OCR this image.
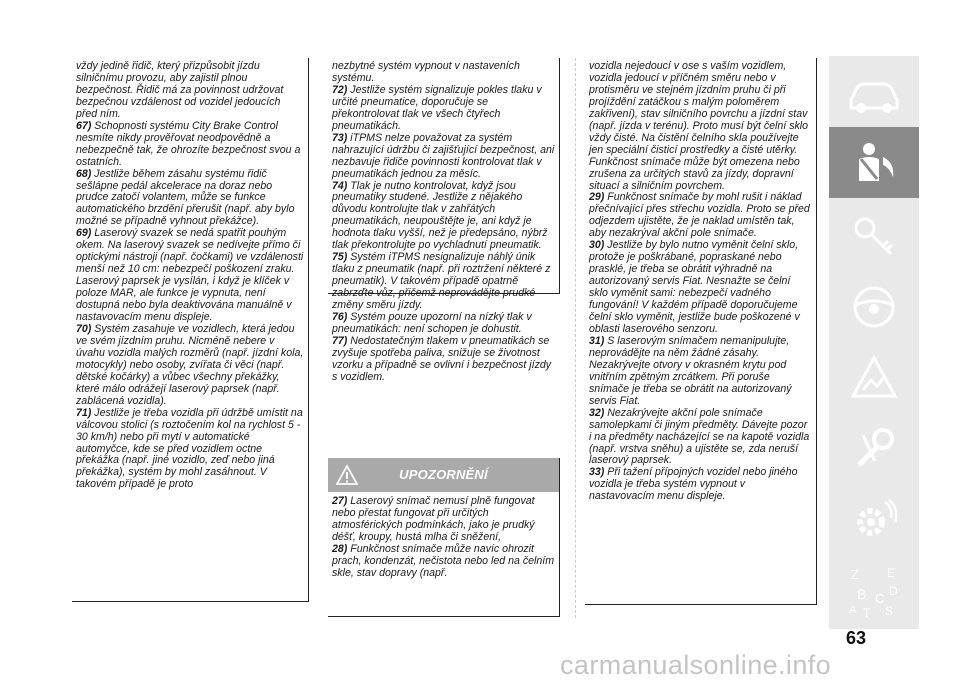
vždy jedině řidič, který přizpůsobit jízdu silničnímu provozu, aby zajistil plnou bezpečnost. Řidič má za povinnost udržovat bezpečnou vzdálenost od vozidel jedoucích před ním.

67) Schopnosti systému City Brake Control nesmíte nikdy prověřovat neodpovědně a nebezpečně tak, že ohrozíte bezpečnost svou a ostatních.

68) Jestliže během zásahu systému řidič sešlápne pedál akcelerace na doraz nebo prudce zatočí volantem, může se funkce automatického brzdění přerušit (např. aby bylo možné se případně vyhnout překážce).

69) Laserový svazek se nedá spatřit pouhým okem. Na laserový svazek se nedívejte přímo či optickými nástroji (např. čočkami) ve vzdálenosti menší než 10 cm: nebezpečí poškození zraku. Laserový paprsek je vysílán, i když je klíček v poloze MAR, ale funkce je vypnuta, není dostupná nebo byla deaktivována manuálně v nastavovacím menu displeje.

70) Systém zasahuje ve vozidlech, která jedou ve svém jízdním pruhu. Nicméně nebere v úvahu vozidla malých rozměrů (např. jízdní kola, motocykly) nebo osoby, zvířata či věci (např. dětské kočárky) a vůbec všechny překážky, které málo odrážejí laserový paprsek (např. zablácená vozidla).

71) Jestliže je třeba vozidla při údržbě umístit na válcovou stolici (s roztočením kol na rychlost 5 - 30 km/h) nebo při mytí v automatické automyčce, kde se před vozidlem octne překážka (např. jiné vozidlo, zeď nebo jiná překážka), systém by mohl zasáhnout. V takovém případě je proto

nezbytné systém vypnout v nastaveních systému.

72) Jestliže systém signalizuje pokles tlaku v určité pneumatice, doporučuje se překontrolovat tlak ve všech čtyřech pneumatikách.

73) iTPMS nelze považovat za systém nahrazující údržbu či zajišťující bezpečnost, ani nezbavuje řidiče povinnosti kontrolovat tlak v pneumatikách jednou za měsíc.

74) Tlak je nutno kontrolovat, když jsou pneumatiky studené. Jestliže z nějakého důvodu kontrolujte tlak v zahřátých pneumatikách, neupouštějte je, ani když je hodnota tlaku vyšší, než je předepsáno, nýbrž tlak překontrolujte po vychladnutí pneumatik.

75) Systém iTPMS nesignalizuje náhlý únik tlaku z pneumatik (např. při roztržení některé z pneumatik). V takovém případě opatrně zabrzďte vůz, přičemž neprovádějte prudké změny směru jízdy.

76) Systém pouze upozorní na nízký tlak v pneumatikách: není schopen je dohustit.

77) Nedostatečným tlakem v pneumatikách se zvyšuje spotřeba paliva, snižuje se životnost vzorku a případně se ovlivní i bezpečnost jízdy s vozidlem.

UPOZORNĚNÍ

27) Laserový snímač nemusí plně fungovat nebo přestat fungovat při určitých atmosférických podmínkách, jako je prudký déšť, kroupy, hustá mlha či sněžení,

28) Funkčnost snímače může navíc ohrozit prach, kondenzát, nečistota nebo led na čelním skle, stav dopravy (např.

vozidla nejedoucí v ose s vaším vozidlem, vozidla jedoucí v příčném směru nebo v protisměru ve stejném jízdním pruhu či při projíždění zatáčkou s malým poloměrem zakřivení), stav silničního povrchu a jízdní stav (např. jízda v terénu). Proto musí být čelní sklo vždy čisté. Na čistění čelního skla používejte jen speciální čisticí prostředky a čisté utěrky. Funkčnost snímače může být omezena nebo zrušena za určitých stavů za jízdy, dopravní situací a silničním povrchem.

29) Funkčnost snímače by mohl rušit i náklad přečnívající přes střechu vozidla. Proto se před odjezdem ujistěte, že je naklad umístěn tak, aby nezakrýval akční pole snímače.

30) Jestliže by bylo nutno vyměnit čelní sklo, protože je poškrábané, popraskané nebo prasklé, je třeba se obrátit výhradně na autorizovaný servis Fiat. Nesnažte se čelní sklo vyměnit sami: nebezpečí vadného fungování! V každém případě doporučujeme čelní sklo vyměnit, jestliže bude poškozené v oblasti laserového senzoru.

31) S laserovým snímačem nemanipulujte, neprovádějte na něm žádné zásahy. Nezakrývejte otvory v okrasném krytu pod vnitřním zpětným zrcátkem. Při poruše snímače je třeba se obrátit na autorizovaný servis Fiat.

32) Nezakrývejte akční pole snímače samolepkami či jiným předměty. Dávejte pozor i na předměty nacházející se na kapotě vozidla (např. vrstva sněhu) a ujistěte se, zda neruší laserový paprsek.

33) Při tažení přípojných vozidel nebo jiného vozidla je třeba systém vypnout v nastavovacím menu displeje.

Z E
B C
T
D
A S
63
carmanualsonline.info
